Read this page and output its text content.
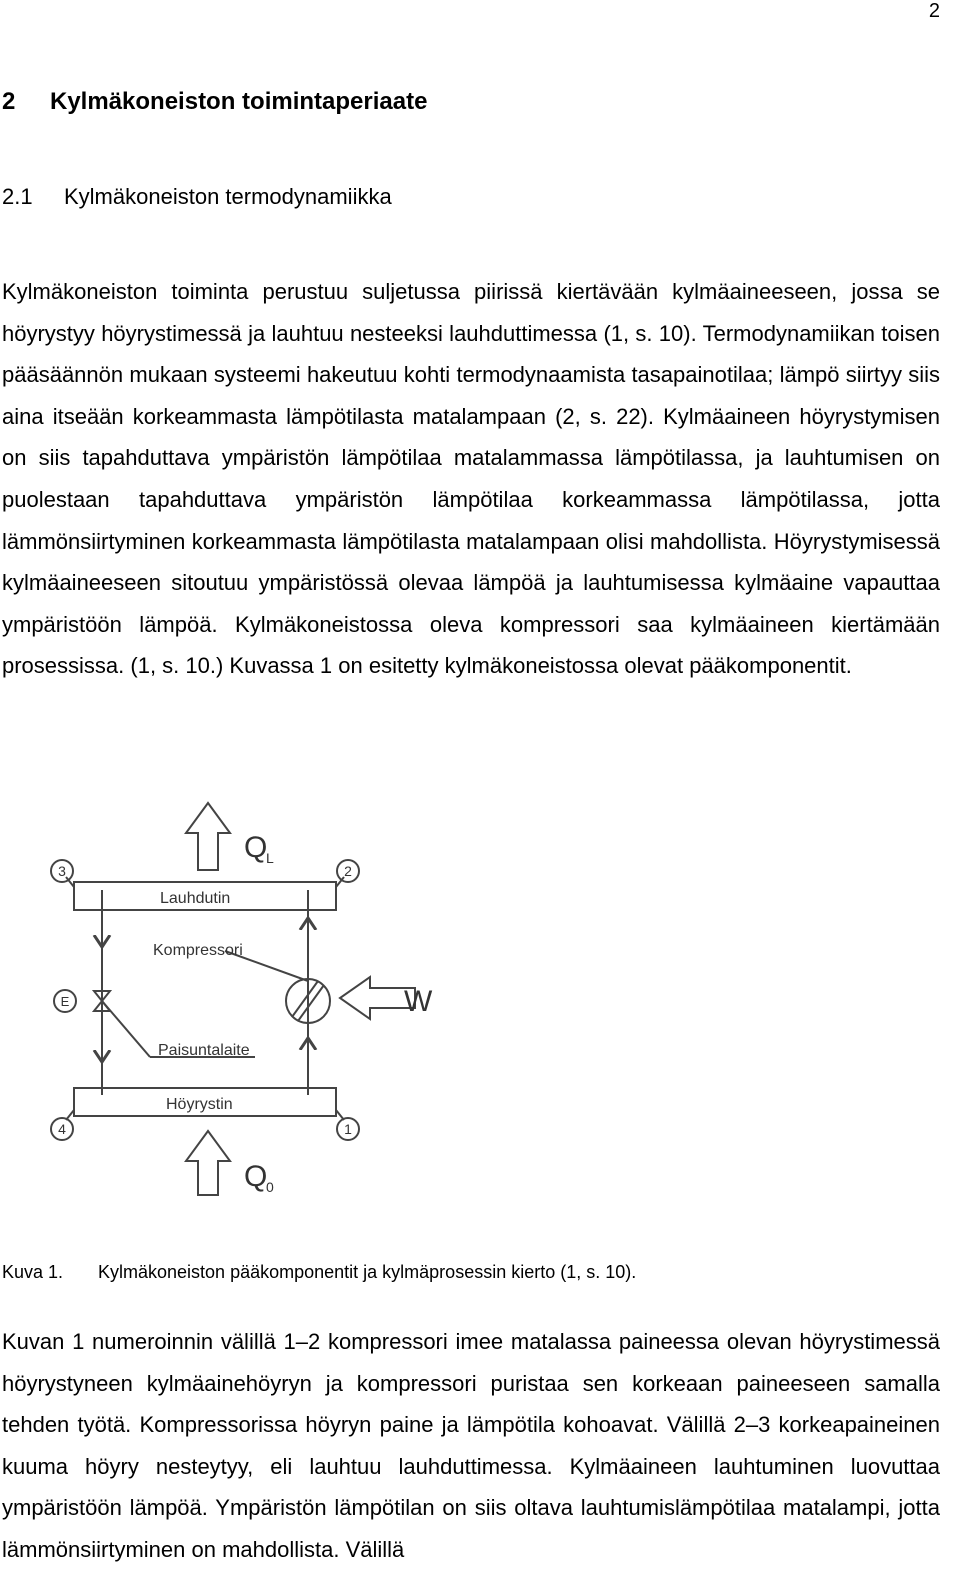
2
2 Kylmäkoneiston toimintaperiaate
2.1 Kylmäkoneiston termodynamiikka

Kylmäkoneiston toiminta perustuu suljetussa piirissä kiertävään kylmäaineeseen, jossa se höyrystyy höyrystimessä ja lauhtuu nesteeksi lauhduttimessa (1, s. 10). Termodynamiikan toisen pääsäännön mukaan systeemi hakeutuu kohti termodynaamista tasapainotilaa; lämpö siirtyy siis aina itseään korkeammasta lämpötilasta matalampaan (2, s. 22). Kylmäaineen höyrystymisen on siis tapahduttava ympäristön lämpötilaa matalammassa lämpötilassa, ja lauhtumisen on puolestaan tapahduttava ympäristön lämpötilaa korkeammassa lämpötilassa, jotta lämmönsiirtyminen korkeammasta lämpötilasta matalampaan olisi mahdollista. Höyrystymisessä kylmäaineeseen sitoutuu ympäristössä olevaa lämpöä ja lauhtumisessa kylmäaine vapauttaa ympäristöön lämpöä. Kylmäkoneistossa oleva kompressori saa kylmäaineen kiertämään prosessissa. (1, s. 10.) Kuvassa 1 on esitetty kylmäkoneistossa olevat pääkomponentit.

3	2
4	1
E
Lauhdutin
Kompressori
Paisuntalaite
Höyrystin
Q
L
Q
0
W
Kuva 1. Kylmäkoneiston pääkomponentit ja kylmäprosessin kierto (1, s. 10).

Kuvan 1 numeroinnin välillä 1–2 kompressori imee matalassa paineessa olevan höyrystimessä höyrystyneen kylmäainehöyryn ja kompressori puristaa sen korkeaan paineeseen samalla tehden työtä. Kompressorissa höyryn paine ja lämpötila kohoavat. Välillä 2–3 korkeapaineinen kuuma höyry nesteytyy, eli lauhtuu lauhduttimessa. Kylmäaineen lauhtuminen luovuttaa ympäristöön lämpöä. Ympäristön lämpötilan on siis oltava lauhtumislämpötilaa matalampi, jotta lämmönsiirtyminen on mahdollista. Välillä
